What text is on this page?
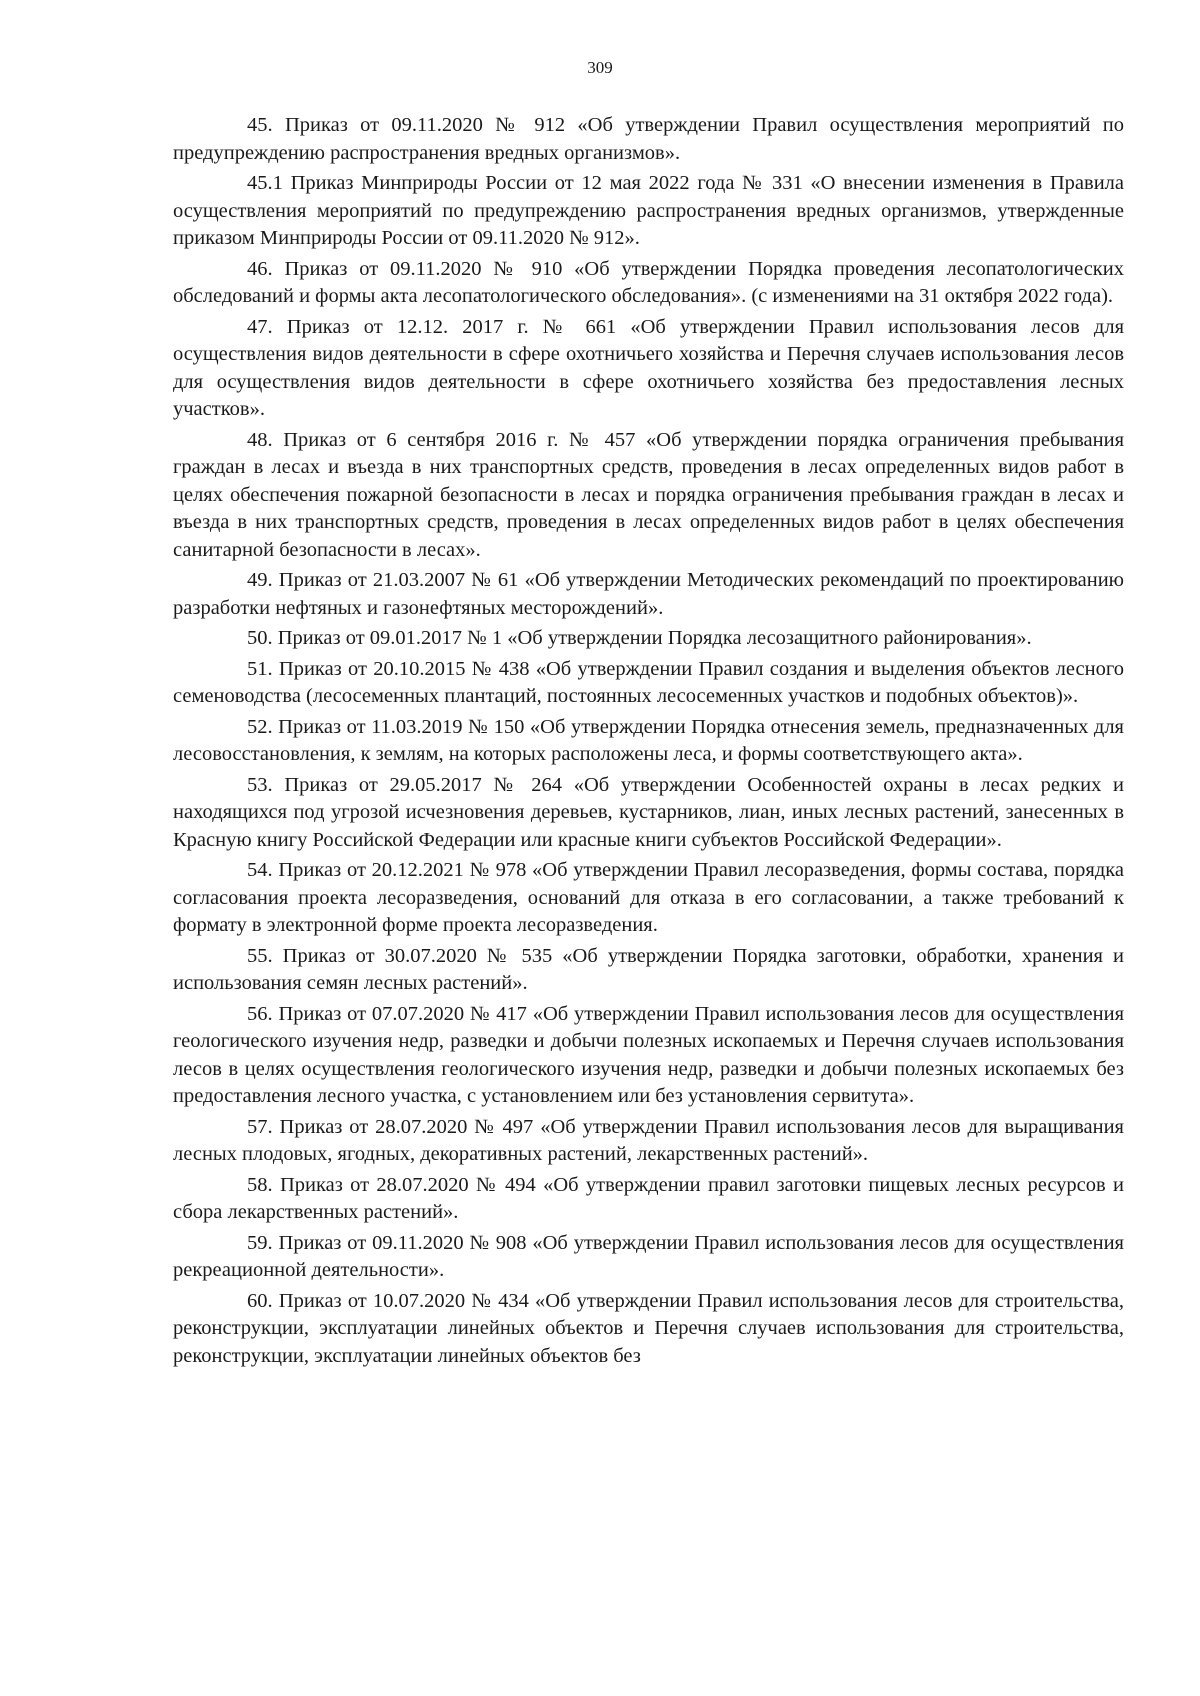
309

45. Приказ от 09.11.2020 № 912 «Об утверждении Правил осуществления мероприятий по предупреждению распространения вредных организмов».

45.1 Приказ Минприроды России от 12 мая 2022 года № 331 «О внесении изменения в Правила осуществления мероприятий по предупреждению распространения вредных организмов, утвержденные приказом Минприроды России от 09.11.2020 № 912».

46. Приказ от 09.11.2020 № 910 «Об утверждении Порядка проведения лесопатологических обследований и формы акта лесопатологического обследования». (с изменениями на 31 октября 2022 года).

47. Приказ от 12.12. 2017 г. № 661 «Об утверждении Правил использования лесов для осуществления видов деятельности в сфере охотничьего хозяйства и Перечня случаев использования лесов для осуществления видов деятельности в сфере охотничьего хозяйства без предоставления лесных участков».

48. Приказ от 6 сентября 2016 г. № 457 «Об утверждении порядка ограничения пребывания граждан в лесах и въезда в них транспортных средств, проведения в лесах определенных видов работ в целях обеспечения пожарной безопасности в лесах и порядка ограничения пребывания граждан в лесах и въезда в них транспортных средств, проведения в лесах определенных видов работ в целях обеспечения санитарной безопасности в лесах».

49. Приказ от 21.03.2007 № 61 «Об утверждении Методических рекомендаций по проектированию разработки нефтяных и газонефтяных месторождений».

50. Приказ от 09.01.2017 № 1 «Об утверждении Порядка лесозащитного районирования».

51. Приказ от 20.10.2015 № 438 «Об утверждении Правил создания и выделения объектов лесного семеноводства (лесосеменных плантаций, постоянных лесосеменных участков и подобных объектов)».

52. Приказ от 11.03.2019 № 150 «Об утверждении Порядка отнесения земель, предназначенных для лесовосстановления, к землям, на которых расположены леса, и формы соответствующего акта».

53. Приказ от 29.05.2017 № 264 «Об утверждении Особенностей охраны в лесах редких и находящихся под угрозой исчезновения деревьев, кустарников, лиан, иных лесных растений, занесенных в Красную книгу Российской Федерации или красные книги субъектов Российской Федерации».

54. Приказ от 20.12.2021 № 978 «Об утверждении Правил лесоразведения, формы состава, порядка согласования проекта лесоразведения, оснований для отказа в его согласовании, а также требований к формату в электронной форме проекта лесоразведения.

55. Приказ от 30.07.2020 № 535 «Об утверждении Порядка заготовки, обработки, хранения и использования семян лесных растений».

56. Приказ от 07.07.2020 № 417 «Об утверждении Правил использования лесов для осуществления геологического изучения недр, разведки и добычи полезных ископаемых и Перечня случаев использования лесов в целях осуществления геологического изучения недр, разведки и добычи полезных ископаемых без предоставления лесного участка, с установлением или без установления сервитута».

57. Приказ от 28.07.2020 № 497 «Об утверждении Правил использования лесов для выращивания лесных плодовых, ягодных, декоративных растений, лекарственных растений».

58. Приказ от 28.07.2020 № 494 «Об утверждении правил заготовки пищевых лесных ресурсов и сбора лекарственных растений».

59. Приказ от 09.11.2020 № 908 «Об утверждении Правил использования лесов для осуществления рекреационной деятельности».

60. Приказ от 10.07.2020 № 434 «Об утверждении Правил использования лесов для строительства, реконструкции, эксплуатации линейных объектов и Перечня случаев использования для строительства, реконструкции, эксплуатации линейных объектов без
